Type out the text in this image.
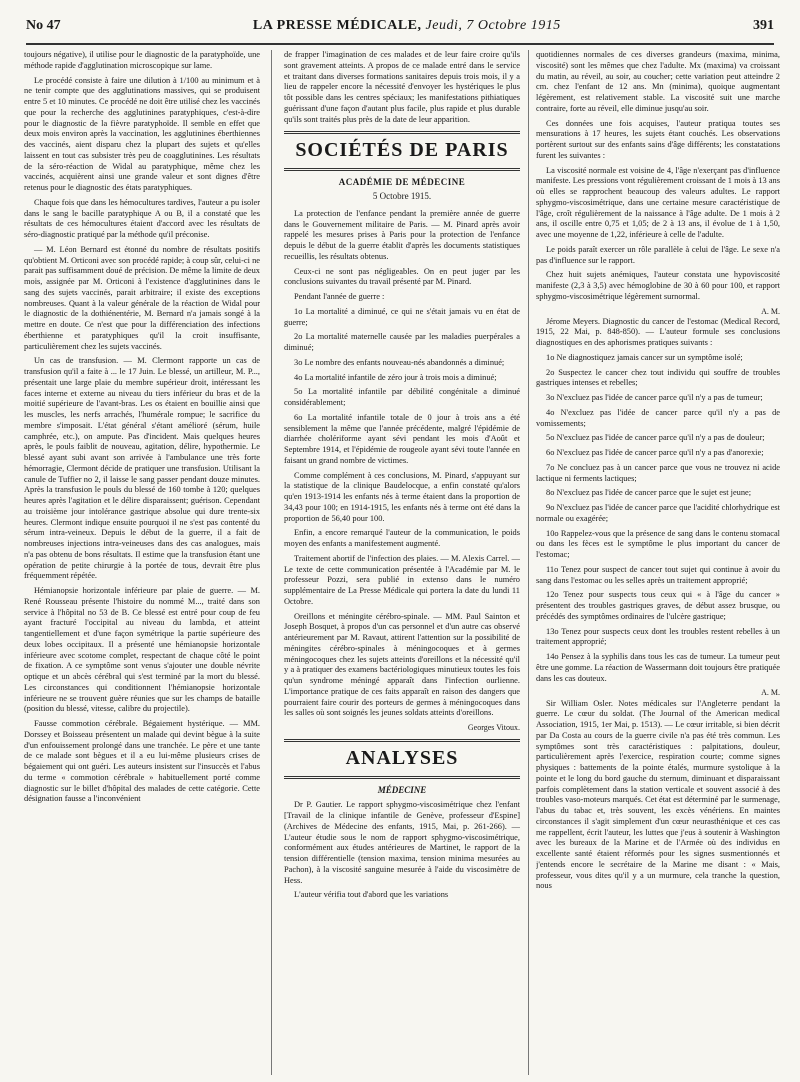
No 47	LA PRESSE MÉDICALE, Jeudi, 7 Octobre 1915	391

toujours négative), il utilise pour le diagnostic de la paratyphoïde, une méthode rapide d'agglutination microscopique sur lame.

Le procédé consiste à faire une dilution à 1/100 au minimum et à ne tenir compte que des agglutinations massives, qui se produisent entre 5 et 10 minutes. Ce procédé ne doit être utilisé chez les vaccinés que pour la recherche des agglutinines paratyphiques, c'est-à-dire pour le diagnostic de la fièvre paratyphoïde. Il semble en effet que deux mois environ après la vaccination, les agglutinines éberthiennes des vaccinés, aient disparu chez la plupart des sujets et qu'elles laissent en tout cas subsister très peu de coagglutinines. Les résultats de la séro-réaction de Widal au paratyphique, même chez les vaccinés, acquièrent ainsi une grande valeur et sont dignes d'être retenus pour le diagnostic des états paratyphiques.

Chaque fois que dans les hémocultures tardives, l'auteur a pu isoler dans le sang le bacille paratyphique A ou B, il a constaté que les résultats de ces hémocultures étaient d'accord avec les résultats de séro-diagnostic pratiqué par la méthode qu'il préconise.

— M. Léon Bernard est étonné du nombre de résultats positifs qu'obtient M. Orticoni avec son procédé rapide; à coup sûr, celui-ci ne parait pas suffisamment doué de précision. De même la limite de deux mois, assignée par M. Orticoni à l'existence d'agglutinines dans le sang des sujets vaccinés, parait arbitraire; il existe des exceptions nombreuses. Quant à la valeur générale de la réaction de Widal pour le diagnostic de la dothiénentérie, M. Bernard n'a jamais songé à la mettre en doute. Ce n'est que pour la différenciation des infections éberthienne et paratyphiques qu'il la croit insuffisante, particulièrement chez les sujets vaccinés.

Un cas de transfusion. — M. Clermont rapporte un cas de transfusion qu'il a faite à ... le 17 Juin. Le blessé, un artilleur, M. P..., présentait une large plaie du membre supérieur droit, intéressant les faces interne et externe au niveau du tiers inférieur du bras et de la moitié supérieure de l'avant-bras. Les os étaient en bouillie ainsi que les muscles, les nerfs arrachés, l'humérale rompue; le sacrifice du membre s'imposait. L'état général s'étant amélioré (sérum, huile camphrée, etc.), on ampute. Pas d'incident. Mais quelques heures après, le pouls faiblit de nouveau, agitation, délire, hypothermie. Le blessé ayant subi avant son arrivée à l'ambulance une très forte hémorragie, Clermont décide de pratiquer une transfusion. Utilisant la canule de Tuffier no 2, il laisse le sang passer pendant douze minutes. Après la transfusion le pouls du blessé de 160 tombe à 120; quelques heures après l'agitation et le délire disparaissent; guérison. Cependant au troisième jour intolérance gastrique absolue qui dure trente-six heures. Clermont indique ensuite pourquoi il ne s'est pas contenté du sérum intra-veineux. Depuis le début de la guerre, il a fait de nombreuses injections intra-veineuses dans des cas analogues, mais n'a pas obtenu de bons résultats. Il estime que la transfusion étant une opération de petite chirurgie à la portée de tous, devrait être plus fréquemment répétée.

Hémianopsie horizontale inférieure par plaie de guerre. — M. René Rousseau présente l'histoire du nommé M..., traité dans son service à l'hôpital no 53 de B. Ce blessé est entré pour coup de feu ayant fracturé l'occipital au niveau du lambda, et atteint tangentiellement et d'une façon symétrique la partie supérieure des deux lobes occipitaux. Il a présenté une hémianopsie horizontale inférieure avec scotome complet, respectant de chaque côté le point de fixation. A ce symptôme sont venus s'ajouter une double névrite optique et un abcès cérébral qui s'est terminé par la mort du blessé. Les circonstances qui conditionnent l'hémianopsie horizontale inférieure ne se trouvent guère réunies que sur les champs de bataille (position du blessé, vitesse, calibre du projectile).

Fausse commotion cérébrale. Bégaiement hystérique. — MM. Dorssey et Boisseau présentent un malade qui devint bègue à la suite d'un enfouissement prolongé dans une tranchée. Le père et une tante de ce malade sont bègues et il a eu lui-même plusieurs crises de bégaiement qui ont guéri. Les auteurs insistent sur l'insuccès et l'abus du terme « commotion cérébrale » habituellement porté comme diagnostic sur le billet d'hôpital des malades de cette catégorie. Cette désignation fausse a l'inconvénient

de frapper l'imagination de ces malades et de leur faire croire qu'ils sont gravement atteints. A propos de ce malade entré dans le service et traitant dans diverses formations sanitaires depuis trois mois, il y a lieu de rappeler encore la nécessité d'envoyer les hystériques le plus tôt possible dans les centres spéciaux; les manifestations pithiatiques guérissant d'une façon d'autant plus facile, plus rapide et plus durable qu'ils sont traités plus près de la date de leur apparition.

SOCIÉTÉS DE PARIS
ACADÉMIE DE MÉDECINE
5 Octobre 1915.

La protection de l'enfance pendant la première année de guerre dans le Gouvernement militaire de Paris. — M. Pinard après avoir rappelé les mesures prises à Paris pour la protection de l'enfance depuis le début de la guerre établit d'après les documents statistiques recueillis, les résultats obtenus.

Ceux-ci ne sont pas négligeables. On en peut juger par les conclusions suivantes du travail présenté par M. Pinard.

Pendant l'année de guerre :

1o La mortalité a diminué, ce qui ne s'était jamais vu en état de guerre;

2o La mortalité maternelle causée par les maladies puerpérales a diminué;

3o Le nombre des enfants nouveau-nés abandonnés a diminué;

4o La mortalité infantile de zéro jour à trois mois a diminué;

5o La mortalité infantile par débilité congénitale a diminué considérablement;

6o La mortalité infantile totale de 0 jour à trois ans a été sensiblement la même que l'année précédente, malgré l'épidémie de diarrhée cholériforme ayant sévi pendant les mois d'Août et Septembre 1914, et l'épidémie de rougeole ayant sévi toute l'année en faisant un grand nombre de victimes.

Comme complément à ces conclusions, M. Pinard, s'appuyant sur la statistique de la clinique Baudelocque, a enfin constaté qu'alors qu'en 1913-1914 les enfants nés à terme étaient dans la proportion de 34,43 pour 100; en 1914-1915, les enfants nés à terme ont été dans la proportion de 56,40 pour 100.

Enfin, a encore remarqué l'auteur de la communication, le poids moyen des enfants a manifestement augmenté.

Traitement abortif de l'infection des plaies. — M. Alexis Carrel. — Le texte de cette communication présentée à l'Académie par M. le professeur Pozzi, sera publié in extenso dans le numéro supplémentaire de La Presse Médicale qui portera la date du lundi 11 Octobre.

Oreillons et méningite cérébro-spinale. — MM. Paul Sainton et Joseph Bosquet, à propos d'un cas personnel et d'un autre cas observé antérieurement par M. Ravaut, attirent l'attention sur la possibilité de méningites cérébro-spinales à méningocoques et à germes méningocoques chez les sujets atteints d'oreillons et la nécessité qu'il y a à pratiquer des examens bactériologiques minutieux toutes les fois qu'un syndrome méningé apparaît dans l'infection ourlienne. L'importance pratique de ces faits apparaît en raison des dangers que pourraient faire courir des porteurs de germes à méningocoques dans les salles où sont soignés les jeunes soldats atteints d'oreillons.

Georges Vitoux.
ANALYSES
MÉDECINE

Dr P. Gautier. Le rapport sphygmo-viscosimétrique chez l'enfant [Travail de la clinique infantile de Genève, professeur d'Espine] (Archives de Médecine des enfants, 1915, Mai, p. 261-266). — L'auteur étudie sous le nom de rapport sphygmo-viscosimétrique, conformément aux études antérieures de Martinet, le rapport de la tension différentielle (tension maxima, tension minima mesurées au Pachon), à la viscosité sanguine mesurée à l'aide du viscosimètre de Hess.

L'auteur vérifia tout d'abord que les variations

quotidiennes normales de ces diverses grandeurs (maxima, minima, viscosité) sont les mêmes que chez l'adulte. Mx (maxima) va croissant du matin, au réveil, au soir, au coucher; cette variation peut atteindre 2 cm. chez l'enfant de 12 ans. Mn (minima), quoique augmentant légèrement, est relativement stable. La viscosité suit une marche contraire, forte au réveil, elle diminue jusqu'au soir.

Ces données une fois acquises, l'auteur pratiqua toutes ses mensurations à 17 heures, les sujets étant couchés. Les observations portèrent surtout sur des enfants sains d'âge différents; les constatations furent les suivantes :

La viscosité normale est voisine de 4, l'âge n'exerçant pas d'influence manifeste. Les pressions vont régulièrement croissant de 1 mois à 13 ans où elles se rapprochent beaucoup des valeurs adultes. Le rapport sphygmo-viscosimétrique, dans une certaine mesure caractéristique de l'âge, croît régulièrement de la naissance à l'âge adulte. De 1 mois à 2 ans, il oscille entre 0,75 et 1,05; de 2 à 13 ans, il évolue de 1 à 1,50, avec une moyenne de 1,22, inférieure à celle de l'adulte.

Le poids paraît exercer un rôle parallèle à celui de l'âge. Le sexe n'a pas d'influence sur le rapport.

Chez huit sujets anémiques, l'auteur constata une hypoviscosité manifeste (2,3 à 3,5) avec hémoglobine de 30 à 60 pour 100, et rapport sphygmo-viscosimétrique légèrement surnormal.

A. M.

Jérome Meyers. Diagnostic du cancer de l'estomac (Medical Record, 1915, 22 Mai, p. 848-850). — L'auteur formule ses conclusions diagnostiques en des aphorismes pratiques suivants :

1o Ne diagnostiquez jamais cancer sur un symptôme isolé;

2o Suspectez le cancer chez tout individu qui souffre de troubles gastriques intenses et rebelles;

3o N'excluez pas l'idée de cancer parce qu'il n'y a pas de tumeur;

4o N'excluez pas l'idée de cancer parce qu'il n'y a pas de vomissements;

5o N'excluez pas l'idée de cancer parce qu'il n'y a pas de douleur;

6o N'excluez pas l'idée de cancer parce qu'il n'y a pas d'anorexie;

7o Ne concluez pas à un cancer parce que vous ne trouvez ni acide lactique ni ferments lactiques;

8o N'excluez pas l'idée de cancer parce que le sujet est jeune;

9o N'excluez pas l'idée de cancer parce que l'acidité chlorhydrique est normale ou exagérée;

10o Rappelez-vous que la présence de sang dans le contenu stomacal ou dans les fèces est le symptôme le plus important du cancer de l'estomac;

11o Tenez pour suspect de cancer tout sujet qui continue à avoir du sang dans l'estomac ou les selles après un traitement approprié;

12o Tenez pour suspects tous ceux qui « à l'âge du cancer » présentent des troubles gastriques graves, de début assez brusque, ou précédés des symptômes ordinaires de l'ulcère gastrique;

13o Tenez pour suspects ceux dont les troubles restent rebelles à un traitement approprié;

14o Pensez à la syphilis dans tous les cas de tumeur. La tumeur peut être une gomme. La réaction de Wassermann doit toujours être pratiquée dans les cas douteux.

A. M.

Sir William Osler. Notes médicales sur l'Angleterre pendant la guerre. Le cœur du soldat. (The Journal of the American medical Association, 1915, 1er Mai, p. 1513). — Le cœur irritable, si bien décrit par Da Costa au cours de la guerre civile n'a pas été très commun. Les symptômes sont très caractéristiques : palpitations, douleur, particulièrement après l'exercice, respiration courte; comme signes physiques : battements de la pointe étalés, murmure systolique à la pointe et le long du bord gauche du sternum, diminuant et disparaissant parfois complètement dans la station verticale et souvent associé à des troubles vaso-moteurs marqués. Cet état est déterminé par le surmenage, l'abus du tabac et, très souvent, les excès vénériens. En maintes circonstances il s'agit simplement d'un cœur neurasthénique et ces cas me rappellent, écrit l'auteur, les luttes que j'eus à soutenir à Washington avec les bureaux de la Marine et de l'Armée où des individus en excellente santé étaient réformés pour les signes susmentionnés et j'entends encore le secrétaire de la Marine me disant : « Mais, professeur, vous dites qu'il y a un murmure, cela tranche la question, nous
